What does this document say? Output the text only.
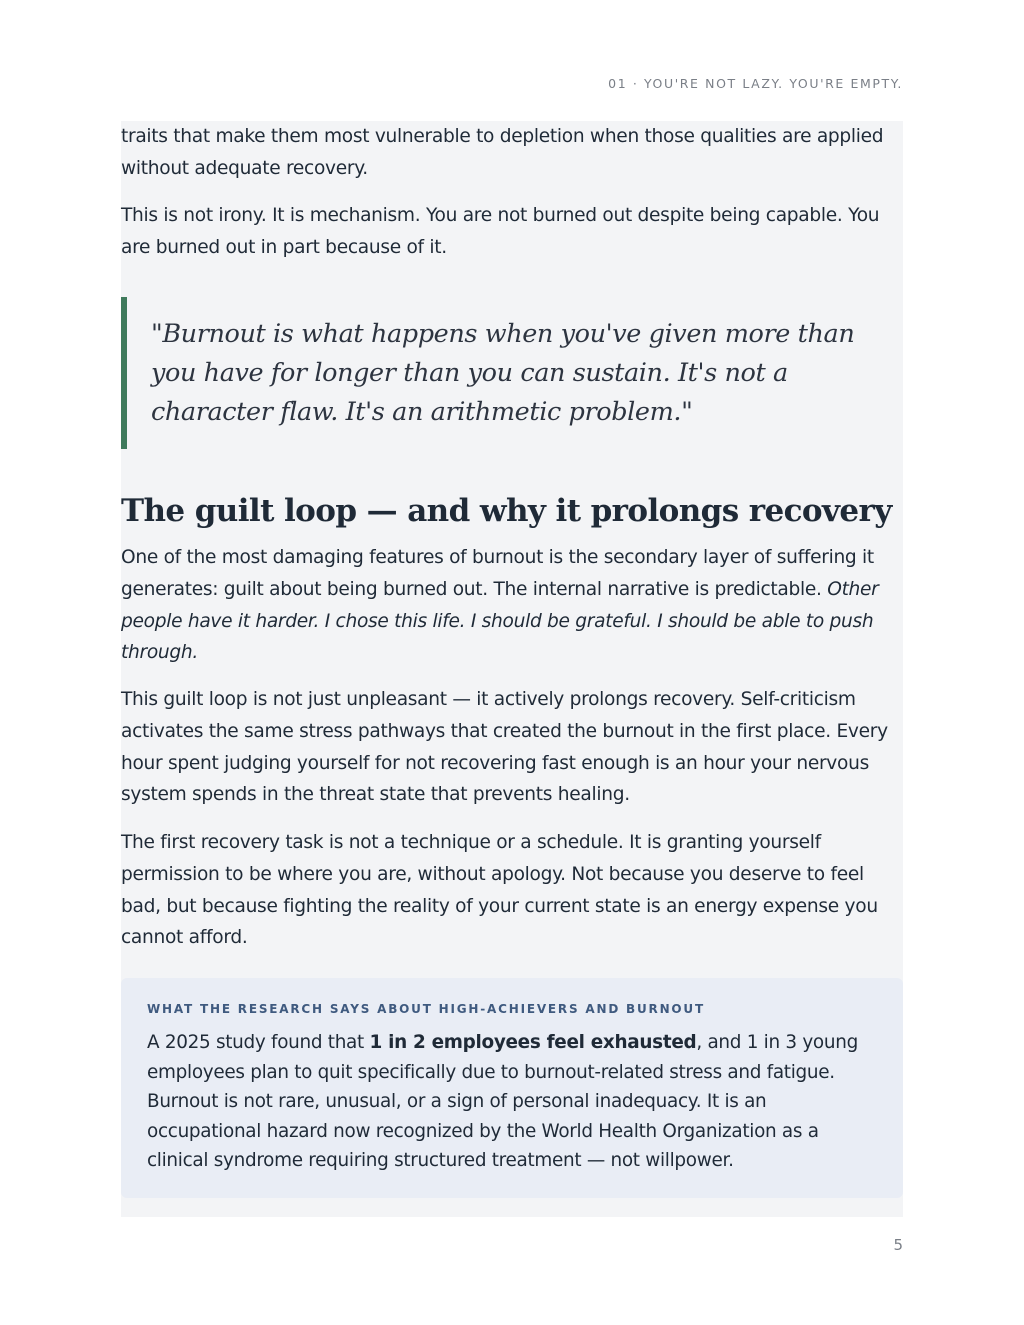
01 · YOU'RE NOT LAZY. YOU'RE EMPTY.

traits that make them most vulnerable to depletion when those qualities are applied without adequate recovery.

This is not irony. It is mechanism. You are not burned out despite being capable. You are burned out in part because of it.

"Burnout is what happens when you've given more than you have for longer than you can sustain. It's not a character flaw. It's an arithmetic problem."

The guilt loop — and why it prolongs recovery

One of the most damaging features of burnout is the secondary layer of suffering it generates: guilt about being burned out. The internal narrative is predictable. Other people have it harder. I chose this life. I should be grateful. I should be able to push through.

This guilt loop is not just unpleasant — it actively prolongs recovery. Self-criticism activates the same stress pathways that created the burnout in the first place. Every hour spent judging yourself for not recovering fast enough is an hour your nervous system spends in the threat state that prevents healing.

The first recovery task is not a technique or a schedule. It is granting yourself permission to be where you are, without apology. Not because you deserve to feel bad, but because fighting the reality of your current state is an energy expense you cannot afford.

WHAT THE RESEARCH SAYS ABOUT HIGH-ACHIEVERS AND BURNOUT

A 2025 study found that 1 in 2 employees feel exhausted, and 1 in 3 young employees plan to quit specifically due to burnout-related stress and fatigue. Burnout is not rare, unusual, or a sign of personal inadequacy. It is an occupational hazard now recognized by the World Health Organization as a clinical syndrome requiring structured treatment — not willpower.

5
